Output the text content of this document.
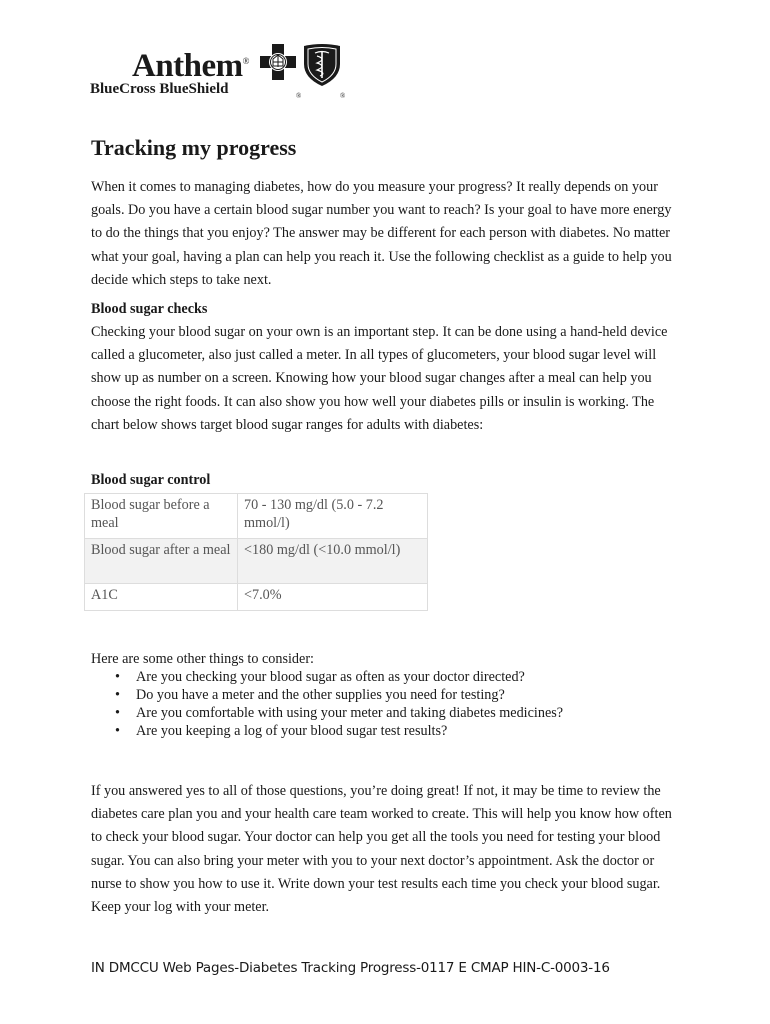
Anthem®
BlueCross BlueShield	®	®
Tracking my progress

When it comes to managing diabetes, how do you measure your progress? It really depends on your goals. Do you have a certain blood sugar number you want to reach? Is your goal to have more energy to do the things that you enjoy? The answer may be different for each person with diabetes. No matter what your goal, having a plan can help you reach it. Use the following checklist as a guide to help you decide which steps to take next.

Blood sugar checks

Checking your blood sugar on your own is an important step. It can be done using a hand-held device called a glucometer, also just called a meter. In all types of glucometers, your blood sugar level will show up as number on a screen. Knowing how your blood sugar changes after a meal can help you choose the right foods. It can also show you how well your diabetes pills or insulin is working. The chart below shows target blood sugar ranges for adults with diabetes:

Blood sugar control
Blood sugar before a meal	70 - 130 mg/dl (5.0 - 7.2 mmol/l)
Blood sugar after a meal	<180 mg/dl (<10.0 mmol/l)
A1C	<7.0%

Here are some other things to consider:

• Are you checking your blood sugar as often as your doctor directed?
• Do you have a meter and the other supplies you need for testing?
• Are you comfortable with using your meter and taking diabetes medicines?
• Are you keeping a log of your blood sugar test results?

If you answered yes to all of those questions, you’re doing great! If not, it may be time to review the diabetes care plan you and your health care team worked to create. This will help you know how often to check your blood sugar. Your doctor can help you get all the tools you need for testing your blood sugar. You can also bring your meter with you to your next doctor’s appointment. Ask the doctor or nurse to show you how to use it. Write down your test results each time you check your blood sugar. Keep your log with your meter.

IN DMCCU Web Pages-Diabetes Tracking Progress-0117 E CMAP HIN-C-0003-16
